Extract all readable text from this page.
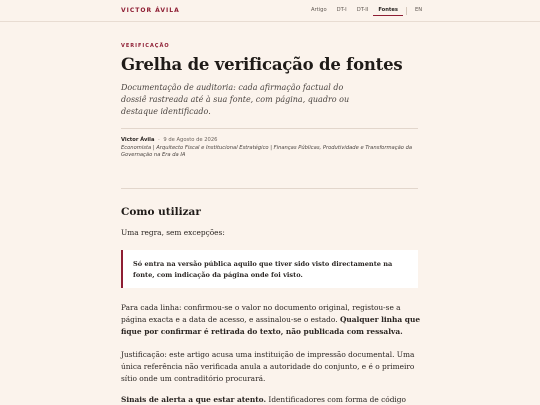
VICTOR ÁVILA	Artigo	DT-I	DT-II	Fontes	EN
VERIFICAÇÃO
Grelha de verificação de fontes

Documentação de auditoria: cada afirmação factual do dossiê rastreada até à sua fonte, com página, quadro ou destaque identificado.

Victor Ávila · 9 de Agosto de 2026
Economista | Arquitecto Fiscal e Institucional Estratégico | Finanças Públicas, Produtividade e Transformação da Governação na Era da IA
Como utilizar

Uma regra, sem excepções:

Só entra na versão pública aquilo que tiver sido visto directamente na fonte, com indicação da página onde foi visto.

Para cada linha: confirmou-se o valor no documento original, registou-se a página exacta e a data de acesso, e assinalou-se o estado. Qualquer linha que fique por confirmar é retirada do texto, não publicada com ressalva.

Justificação: este artigo acusa uma instituição de impressão documental. Uma única referência não verificada anula a autoridade do conjunto, e é o primeiro sítio onde um contraditório procurará.

Sinais de alerta a que estar atento. Identificadores com forma de código
